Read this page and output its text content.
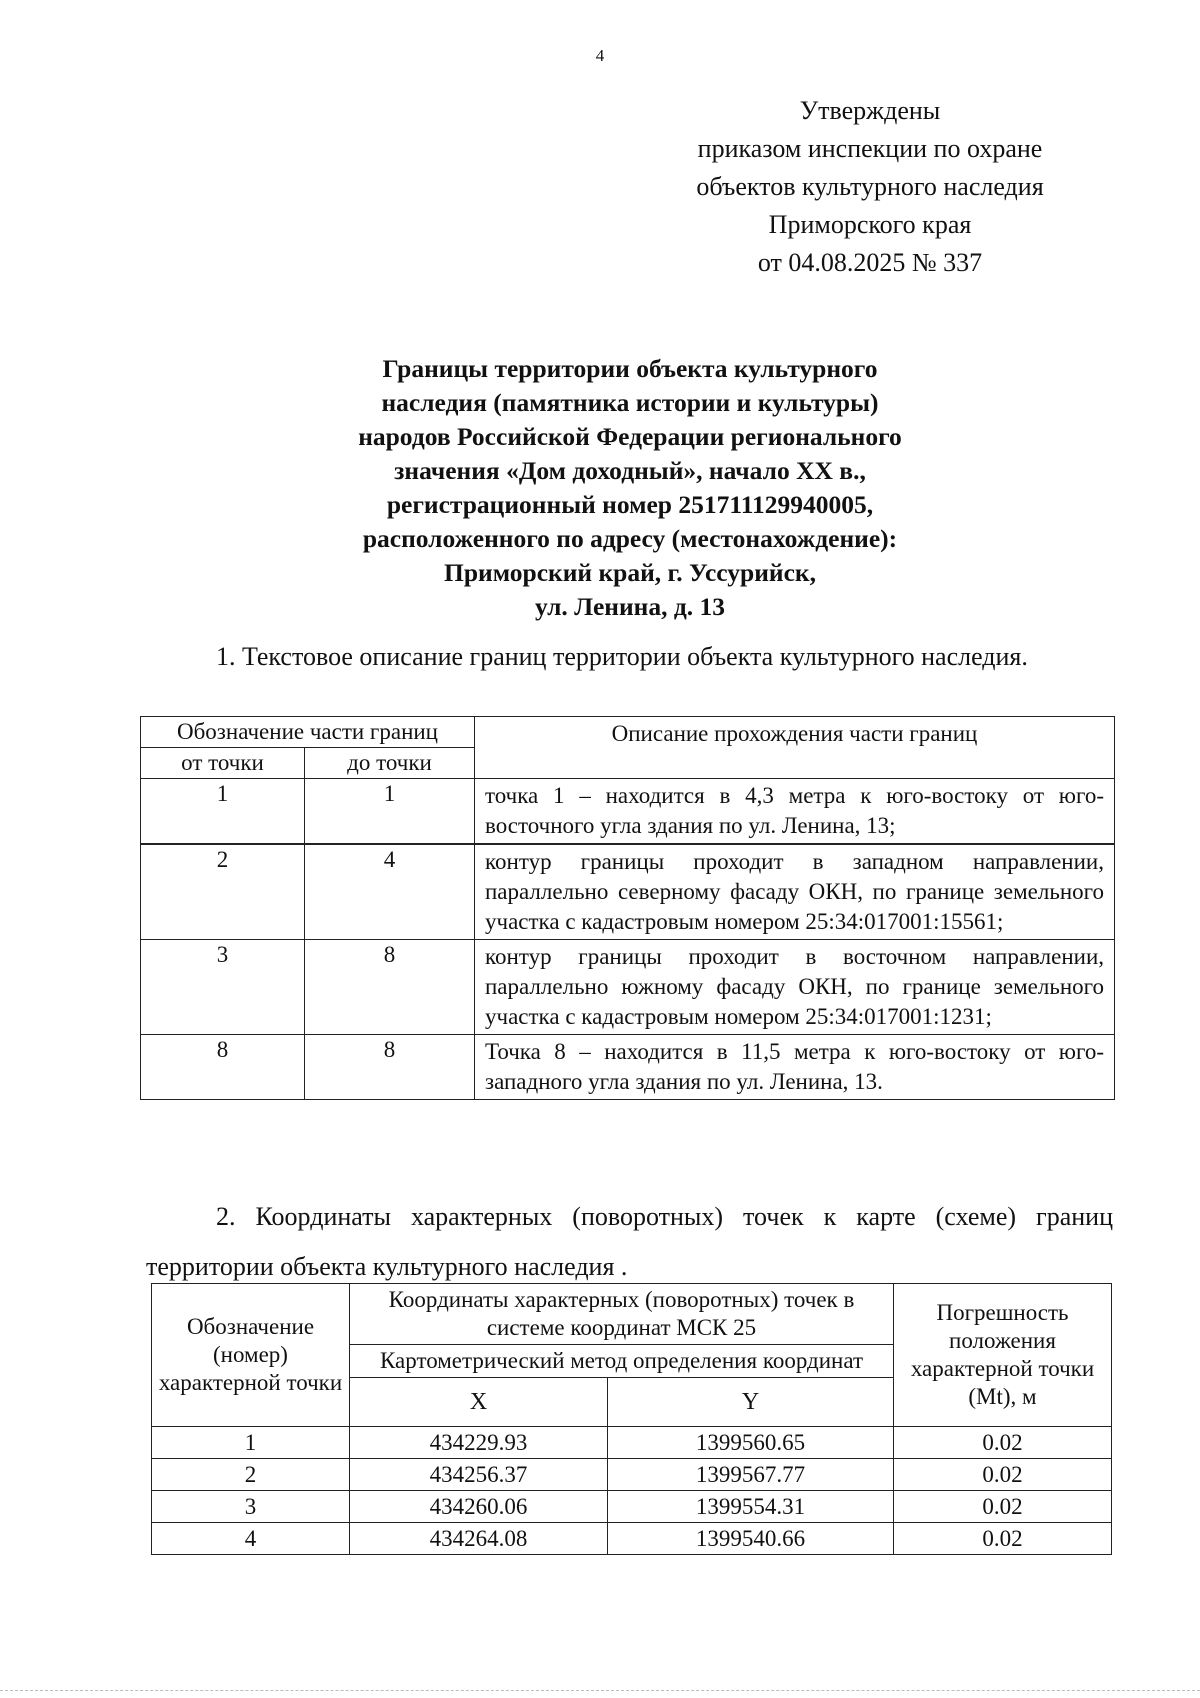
4
Утверждены
приказом инспекции по охране
объектов культурного наследия
Приморского края
от 04.08.2025 № 337
Границы территории объекта культурного
наследия (памятника истории и культуры)
народов Российской Федерации регионального
значения «Дом доходный», начало XX в.,
регистрационный номер 251711129940005,
расположенного по адресу (местонахождение):
Приморский край, г. Уссурийск,
ул. Ленина, д. 13
1. Текстовое описание границ территории объекта культурного наследия.
Обозначение части границ		Описание прохождения части границ
от точки	до точки	
1	1	точка 1 – находится в 4,3 метра к юго-востоку от юго-восточного угла здания по ул. Ленина, 13;
2	4	контур границы проходит в западном направлении, параллельно северному фасаду ОКН, по границе земельного участка с кадастровым номером 25:34:017001:15561;
3	8	контур границы проходит в восточном направлении, параллельно южному фасаду ОКН, по границе земельного участка с кадастровым номером 25:34:017001:1231;
8	8	Точка 8 – находится в 11,5 метра к юго-востоку от юго-западного угла здания по ул. Ленина, 13.
2. Координаты характерных (поворотных) точек к карте (схеме) границ территории объекта культурного наследия .
Обозначение (номер) характерной точки	Координаты характерных (поворотных) точек в системе координат МСК 25		Погрешность положения характерной точки (Mt), м
	Картометрический метод определения координат		
	X	Y	
1	434229.93	1399560.65	0.02
2	434256.37	1399567.77	0.02
3	434260.06	1399554.31	0.02
4	434264.08	1399540.66	0.02
